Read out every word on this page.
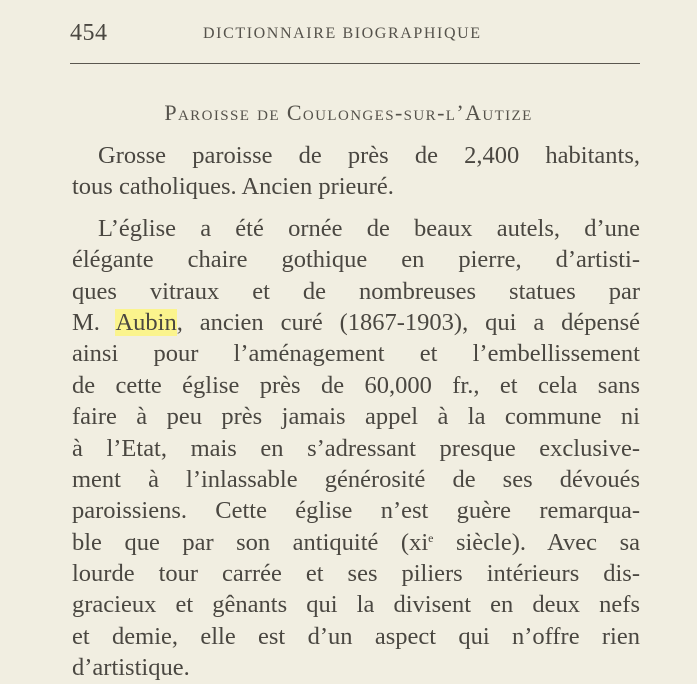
454	DICTIONNAIRE BIOGRAPHIQUE
Paroisse de Coulonges-sur-l’Autize
Grosse paroisse de près de 2,400 habitants,
tous catholiques. Ancien prieuré.
L’église a été ornée de beaux autels, d’une
élégante chaire gothique en pierre, d’artisti-
ques vitraux et de nombreuses statues par
M. Aubin, ancien curé (1867-1903), qui a dépensé
ainsi pour l’aménagement et l’embellissement
de cette église près de 60,000 fr., et cela sans
faire à peu près jamais appel à la commune ni
à l’Etat, mais en s’adressant presque exclusive-
ment à l’inlassable générosité de ses dévoués
paroissiens. Cette église n’est guère remarqua-
ble que par son antiquité ($xi^e$ siècle). Avec sa
lourde tour carrée et ses piliers intérieurs dis-
gracieux et gênants qui la divisent en deux nefs
et demie, elle est d’un aspect qui n’offre rien
d’artistique.
